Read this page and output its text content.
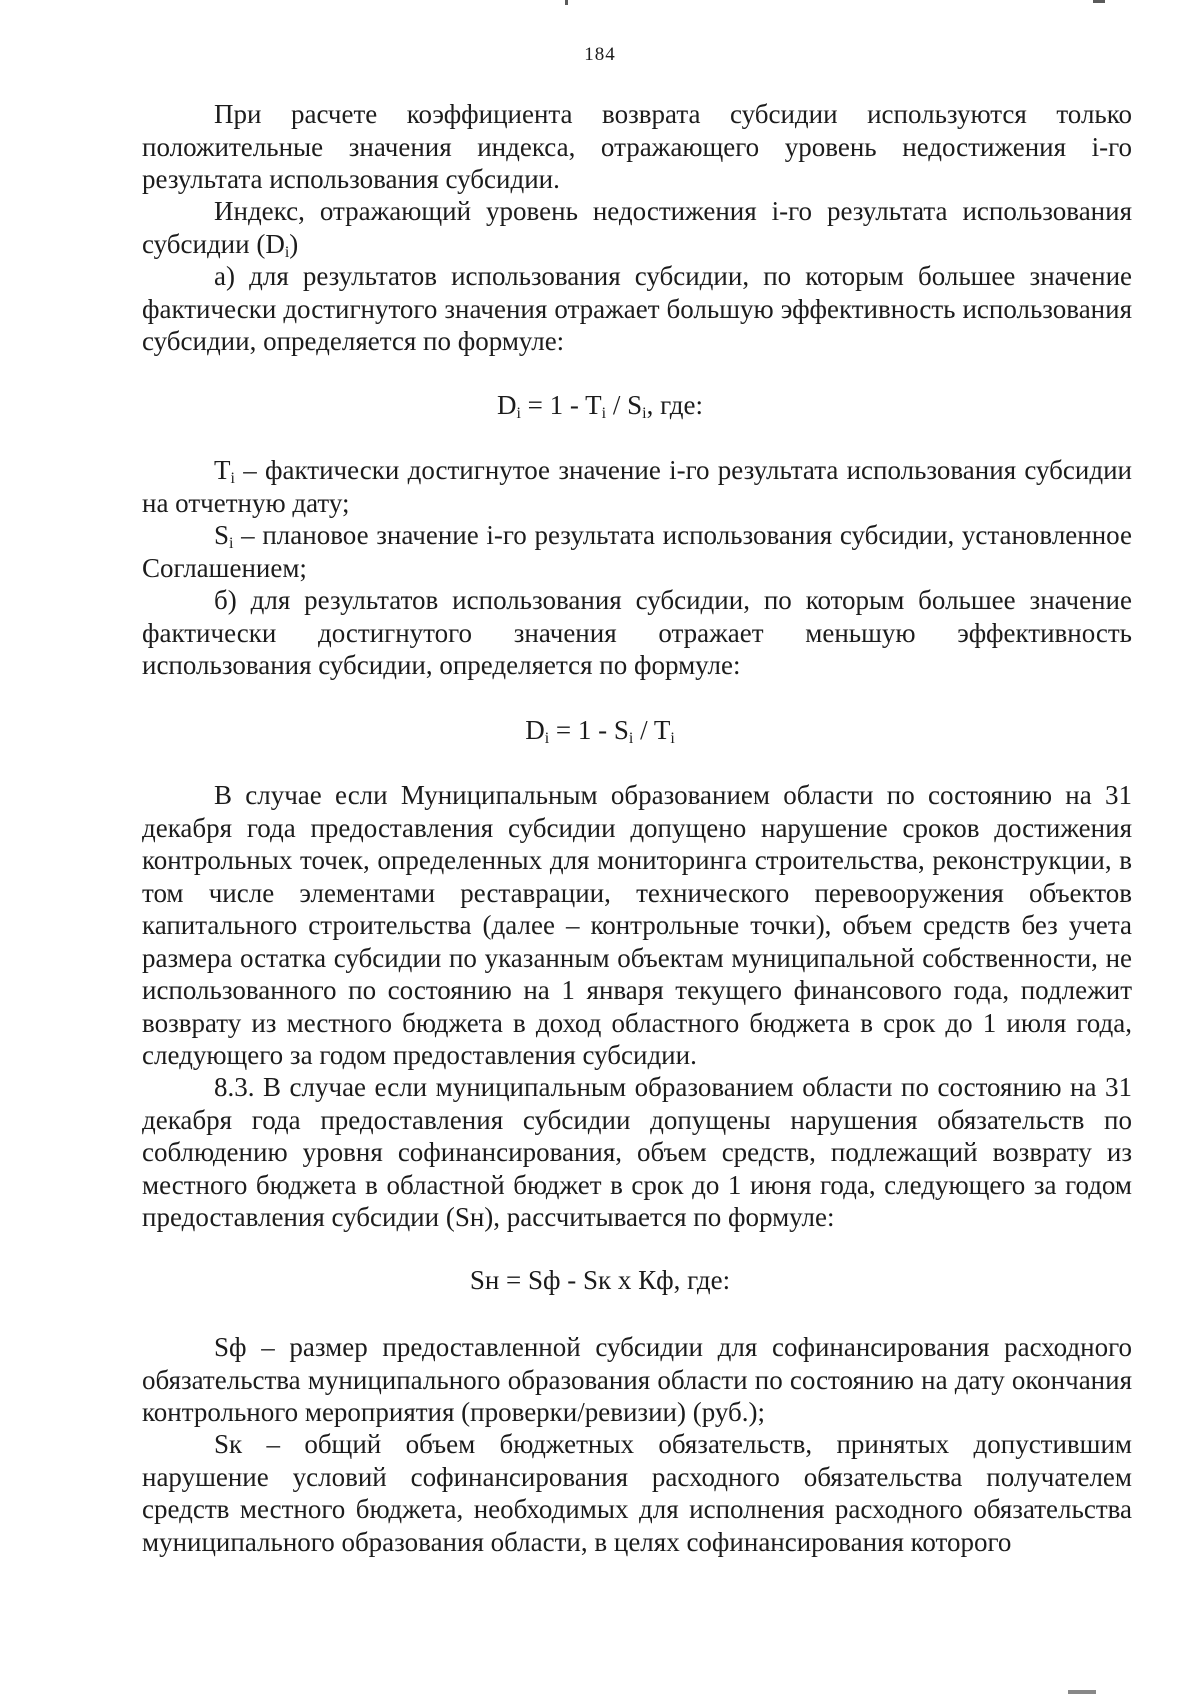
184

При расчете коэффициента возврата субсидии используются только положительные значения индекса, отражающего уровень недостижения i-го результата использования субсидии.

Индекс, отражающий уровень недостижения i-го результата использования субсидии $(D_i)$

а) для результатов использования субсидии, по которым большее значение фактически достигнутого значения отражает большую эффективность использования субсидии, определяется по формуле:

$D_i = 1 - T_i / S_i$, где:

$T_i$ – фактически достигнутое значение i-го результата использования субсидии на отчетную дату;

$S_i$ – плановое значение i-го результата использования субсидии, установленное Соглашением;

б) для результатов использования субсидии, по которым большее значение фактически достигнутого значения отражает меньшую эффективность использования субсидии, определяется по формуле:

$D_i = 1 - S_i / T_i$

В случае если Муниципальным образованием области по состоянию на 31 декабря года предоставления субсидии допущено нарушение сроков достижения контрольных точек, определенных для мониторинга строительства, реконструкции, в том числе элементами реставрации, технического перевооружения объектов капитального строительства (далее – контрольные точки), объем средств без учета размера остатка субсидии по указанным объектам муниципальной собственности, не использованного по состоянию на 1 января текущего финансового года, подлежит возврату из местного бюджета в доход областного бюджета в срок до 1 июля года, следующего за годом предоставления субсидии.

8.3. В случае если муниципальным образованием области по состоянию на 31 декабря года предоставления субсидии допущены нарушения обязательств по соблюдению уровня софинансирования, объем средств, подлежащий возврату из местного бюджета в областной бюджет в срок до 1 июня года, следующего за годом предоставления субсидии (Sн), рассчитывается по формуле:

Sн = Sф - Sк х Кф, где:

Sф – размер предоставленной субсидии для софинансирования расходного обязательства муниципального образования области по состоянию на дату окончания контрольного мероприятия (проверки/ревизии) (руб.);

Sк – общий объем бюджетных обязательств, принятых допустившим нарушение условий софинансирования расходного обязательства получателем средств местного бюджета, необходимых для исполнения расходного обязательства муниципального образования области, в целях софинансирования которого
